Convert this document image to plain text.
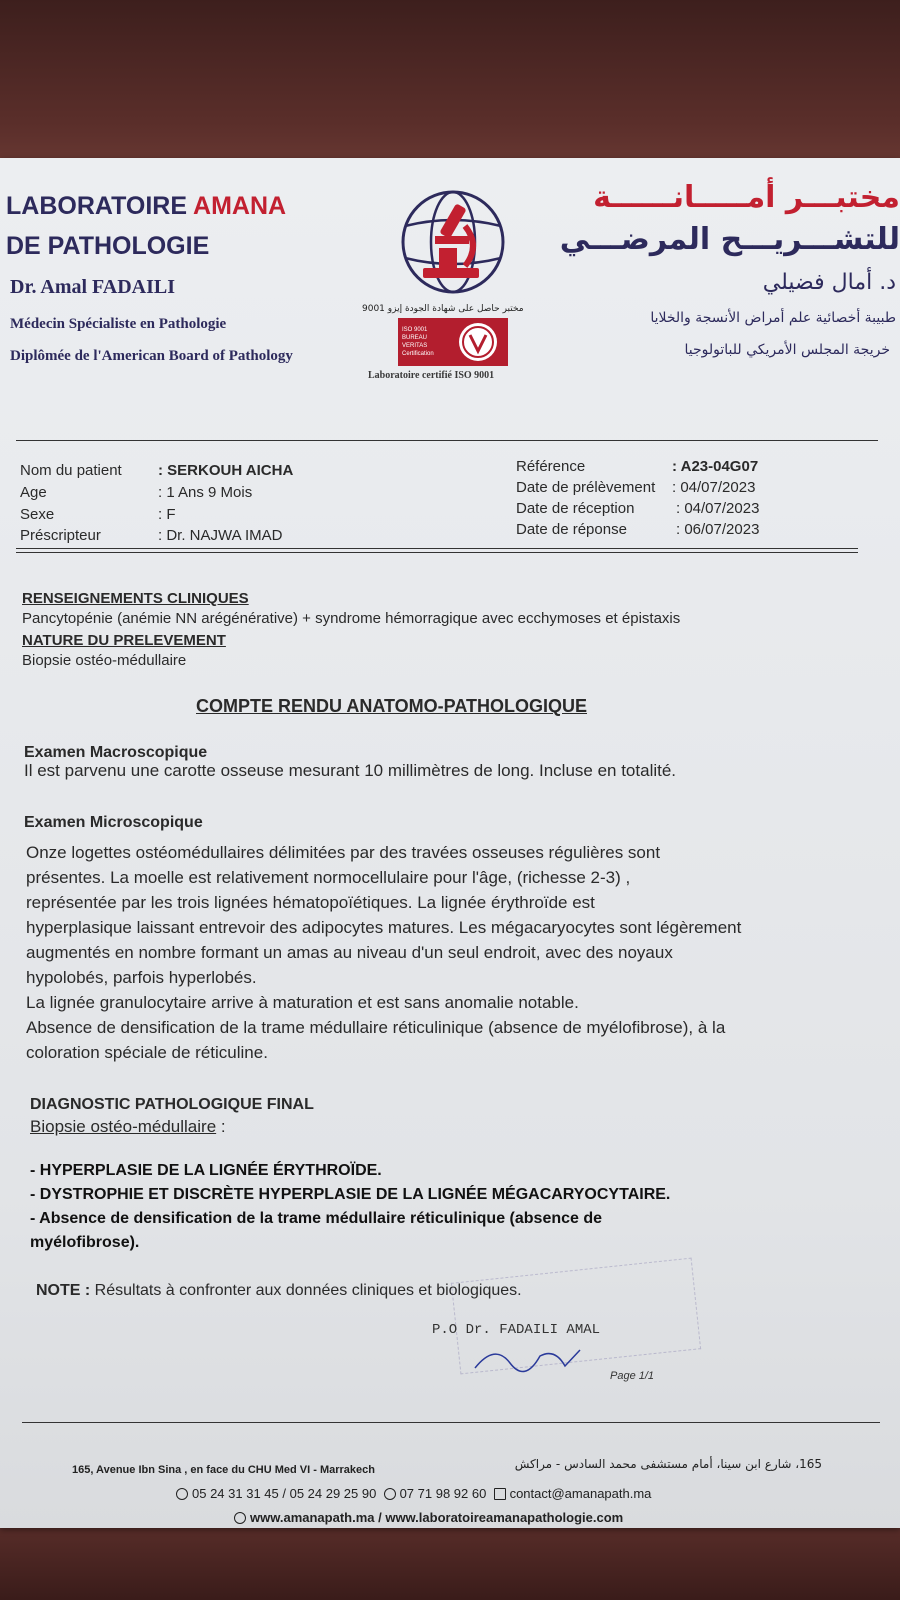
LABORATOIRE AMANA
DE PATHOLOGIE
Dr. Amal FADAILI
Médecin Spécialiste en Pathologie
Diplômée de l'American Board of Pathology
مختبر حاصل على شهادة الجودة إيزو 9001
ISO 9001 BUREAU VERITAS Certification
Laboratoire certifié ISO 9001
مختبـــر أمـــــانــــــة
للتشـــريـــح المرضـــي
د. أمال فضيلي
طبيبة أخصائية علم أمراض الأنسجة والخلايا
خريجة المجلس الأمريكي للباتولوجيا
Nom du patient : SERKOUH AICHA
Age	: 1 Ans 9 Mois
Sexe	: F
Préscripteur	: Dr. NAJWA IMAD
Référence	: A23-04G07
Date de prélèvement : 04/07/2023
Date de réception	: 04/07/2023
Date de réponse	: 06/07/2023
RENSEIGNEMENTS CLINIQUES
Pancytopénie (anémie NN arégénérative) + syndrome hémorragique avec ecchymoses et épistaxis
NATURE DU PRELEVEMENT
Biopsie ostéo-médullaire
COMPTE RENDU ANATOMO-PATHOLOGIQUE
Examen Macroscopique
Il est parvenu une carotte osseuse mesurant 10 millimètres de long. Incluse en totalité.
Examen Microscopique
Onze logettes ostéomédullaires délimitées par des travées osseuses régulières sont
présentes. La moelle est relativement normocellulaire pour l'âge, (richesse 2-3) ,
représentée par les trois lignées hématopoïétiques. La lignée érythroïde est
hyperplasique laissant entrevoir des adipocytes matures. Les mégacaryocytes sont légèrement
augmentés en nombre formant un amas au niveau d'un seul endroit, avec des noyaux
hypolobés, parfois hyperlobés.
La lignée granulocytaire arrive à maturation et est sans anomalie notable.
Absence de densification de la trame médullaire réticulinique (absence de myélofibrose), à la
coloration spéciale de réticuline.
DIAGNOSTIC PATHOLOGIQUE FINAL
Biopsie ostéo-médullaire :
- HYPERPLASIE DE LA LIGNÉE ÉRYTHROÏDE.
- DYSTROPHIE ET DISCRÈTE HYPERPLASIE DE LA LIGNÉE MÉGACARYOCYTAIRE.
- Absence de densification de la trame médullaire réticulinique (absence de
myélofibrose).
NOTE : Résultats à confronter aux données cliniques et biologiques.
P.O Dr. FADAILI AMAL
Page 1/1
165, Avenue Ibn Sina , en face du CHU Med VI - Marrakech	165، شارع ابن سينا، أمام مستشفى محمد السادس - مراكش
05 24 31 31 45 / 05 24 29 25 90 07 71 98 92 60 contact@amanapath.ma
www.amanapath.ma / www.laboratoireamanapathologie.com
